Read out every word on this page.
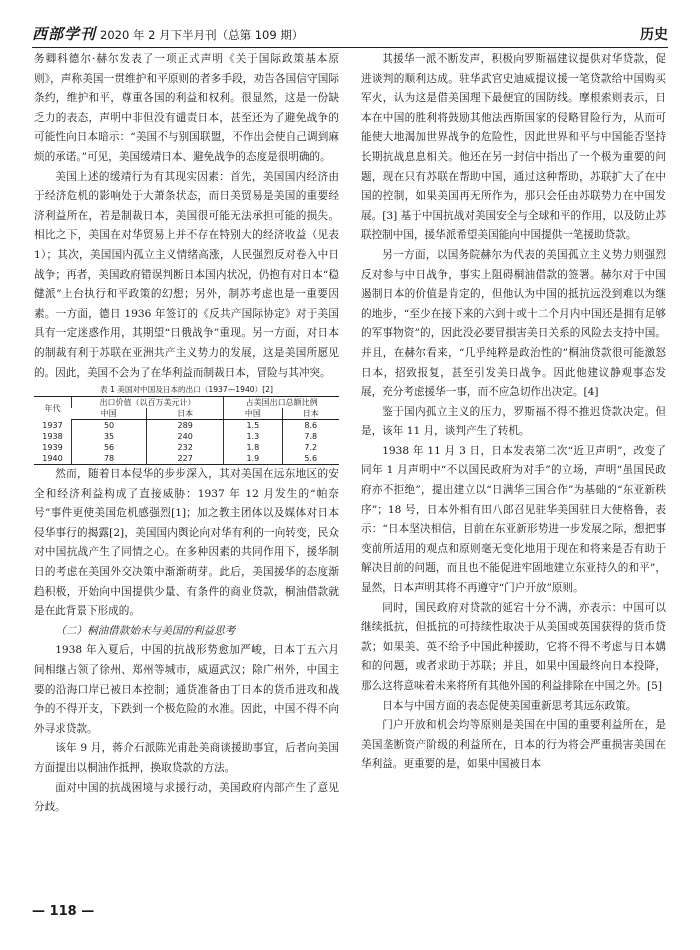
西部学刊 2020 年 2 月下半月刊（总第 109 期）	历史

务卿科德尔·赫尔发表了一项正式声明《关于国际政策基本原则》，声称美国一贯维护和平原则的者多手段，劝告各国信守国际条约，维护和平，尊重各国的利益和权利。很显然，这是一份缺乏力的表态，声明中非但没有谴责日本，甚至还为了避免战争的可能性向日本暗示：“美国不与别国联盟，不作出会使自己调到麻烦的承诺。”可见，美国缓靖日本、避免战争的态度是很明确的。

美国上述的缓靖行为有其现实因素：首先，美国国内经济由于经济危机的影响处于大萧条状态，而日美贸易是美国的重要经济利益所在，若是制裁日本，美国很可能无法承担可能的损失。相比之下，美国在对华贸易上并不存在特别大的经济收益（见表 1）；其次，美国国内孤立主义情绪高涨，人民强烈反对卷入中日战争；再者，美国政府错误判断日本国内状况，仍抱有对日本“稳健派”上台执行和平政策的幻想；另外，制苏考虑也是一重要因素。一方面，德日 1936 年签订的《反共产国际协定》对于美国具有一定迷惑作用，其期望“日俄战争”重现。另一方面，对日本的制裁有利于苏联在亚洲共产主义势力的发展，这是美国所愿见的。因此，美国不会为了在华利益而制裁日本，冒险与其冲突。

表 1 美国对中国及日本的出口（1937—1940）[2]
年代	出口价值（以百万美元计）		占美国出口总额比例	
	中国	日本	中国	日本
1937	50	289	1.5	8.6
1938	35	240	1.3	7.8
1939	56	232	1.8	7.2
1940	78	227	1.9	5.6

然而，随着日本侵华的步步深入，其对美国在远东地区的安全和经济利益构成了直接威胁：1937 年 12 月发生的“帕奈号”事件更使美国危机感强烈[1]；加之教主团体以及媒体对日本侵华事行的揭露[2]，美国国内舆论向对华有利的一向转变，民众对中国抗战产生了同情之心。在多种因素的共同作用下，援华制日的考虑在美国外交决策中渐渐萌芽。此后，美国援华的态度渐趋积极，开始向中国提供少量、有条件的商业贷款，桐油借款就是在此背景下形成的。

（二）桐油借款始末与美国的利益思考

1938 年入夏后，中国的抗战形势愈加严峻，日本丁五六月间相继占领了徐州、郑州等城市，威逼武汉；除广州外，中国主要的沿海口岸已被日本控制；通货准备由丁日本的货币进攻和战争的不得开支，下跌到一个极危险的水准。因此，中国不得不向外寻求贷款。

该年 9 月，蒋介石派陈光甫赴美商谈援助事宜，后者向美国方面提出以桐油作抵押，换取贷款的方法。

面对中国的抗战困境与求援行动，美国政府内部产生了意见分歧。

其援华一派不断发声，积极向罗斯福建议提供对华贷款，促进谈判的顺利达成。驻华武官史迪威提议援一笔贷款给中国购买军火，认为这是借美国理下最便宜的国防线。摩根索则表示，日本在中国的胜利将鼓励其他法西斯国家的侵略冒险行为，从而可能使大地渴加世界战争的危险性，因此世界和平与中国能否坚持长期抗战息息相关。他还在另一封信中指出了一个极为重要的问题，现在只有苏联在帮助中国，通过这种帮助，苏联扩大了在中国的控制，如果美国再无所作为，那只会任由苏联势力在中国发展。[3] 基于中国抗战对美国安全与全球和平的作用，以及防止苏联控制中国，援华派希望美国能向中国提供一笔援助贷款。

另一方面，以国务院赫尔为代表的美国孤立主义势力则强烈反对参与中日战争，事实上阻碍桐油借款的签署。赫尔对于中国遏制日本的价值是肯定的，但他认为中国的抵抗远没到难以为继的地步，“至少在接下来的六到十或十二个月内中国还是拥有足够的军事物资”的，因此没必要冒損害美日关系的风险去支持中国。并且，在赫尔看来，“几乎纯粹是政治性的”桐油贷款很可能激怒日本，招致报复，甚至引发美日战争。因此他建议静观事态发展，充分考虑援华一事，而不应急切作出决定。[4]

鉴于国内孤立主义的压力，罗斯福不得不推迟贷款决定。但是，该年 11 月，谈判产生了转机。

1938 年 11 月 3 日，日本发表第二次“近卫声明”，改变了同年 1 月声明中“不以国民政府为对手”的立场，声明“虽国民政府亦不拒绝”，提出建立以“日满华三国合作”为基础的“东亚新秩序”；18 号，日本外相有田八郎召见驻华美国驻日大使格鲁，表示：“日本坚决相信，目前在东亚新形势进一步发展之际，想把事变前所适用的观点和原则毫无变化地用于现在和将来是否有助于解决目前的问题，而且也不能促进牢固地建立东亚持久的和平”，显然，日本声明其将不再遵守“门户开放”原则。

同时，国民政府对贷款的延宕十分不满，亦表示：中国可以继续抵抗，但抵抗的可持续性取决于从美国或英国获得的货币贷款；如果美、英不给予中国此种援助，它将不得不考虑与日本媾和的问题，或者求助于苏联；并且，如果中国最终向日本投降，那么这将意味着未来将所有其他外国的利益排除在中国之外。[5]

日本与中国方面的表态促使美国重新思考其远东政策。

门户开放和机会均等原则是美国在中国的重要利益所在，是美国垄断资产阶级的利益所在，日本的行为将会严重损害美国在华利益。更重要的是，如果中国被日本

— 118 —
